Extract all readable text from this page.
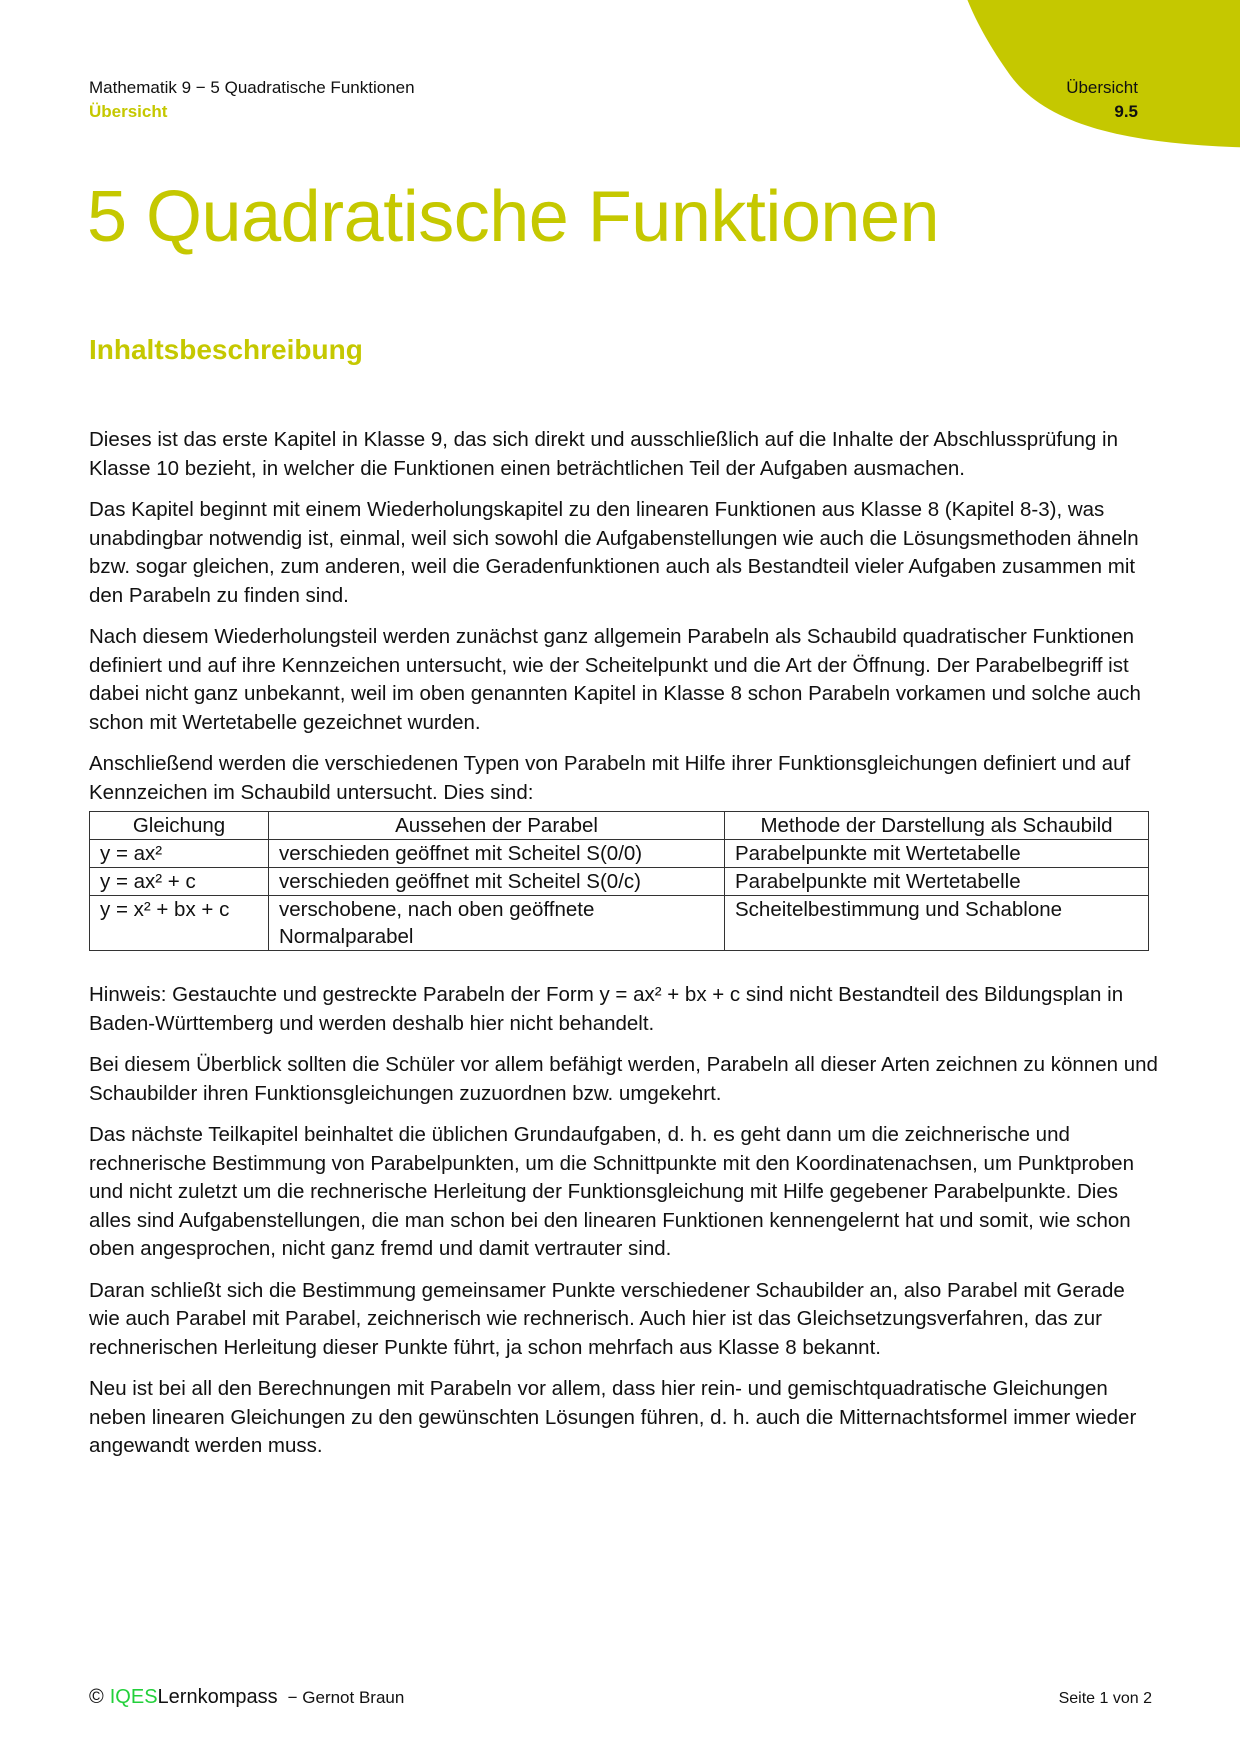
Mathematik 9 − 5 Quadratische Funktionen
Übersicht
Übersicht
9.5
5 Quadratische Funktionen
Inhaltsbeschreibung

Dieses ist das erste Kapitel in Klasse 9, das sich direkt und ausschließlich auf die Inhalte der Abschlussprüfung in Klasse 10 bezieht, in welcher die Funktionen einen beträchtlichen Teil der Aufgaben ausmachen.

Das Kapitel beginnt mit einem Wiederholungskapitel zu den linearen Funktionen aus Klasse 8 (Kapitel 8-3), was unabdingbar notwendig ist, einmal, weil sich sowohl die Aufgabenstellungen wie auch die Lösungsmethoden ähneln bzw. sogar gleichen, zum anderen, weil die Geradenfunktionen auch als Bestandteil vieler Aufgaben zusammen mit den Parabeln zu finden sind.

Nach diesem Wiederholungsteil werden zunächst ganz allgemein Parabeln als Schaubild quadratischer Funktionen definiert und auf ihre Kennzeichen untersucht, wie der Scheitelpunkt und die Art der Öffnung. Der Parabelbegriff ist dabei nicht ganz unbekannt, weil im oben genannten Kapitel in Klasse 8 schon Parabeln vorkamen und solche auch schon mit Wertetabelle gezeichnet wurden.

Anschließend werden die verschiedenen Typen von Parabeln mit Hilfe ihrer Funktionsgleichungen definiert und auf Kennzeichen im Schaubild untersucht. Dies sind:

Gleichung	Aussehen der Parabel	Methode der Darstellung als Schaubild
y = ax²	verschieden geöffnet mit Scheitel S(0/0)	Parabelpunkte mit Wertetabelle
y = ax² + c	verschieden geöffnet mit Scheitel S(0/c)	Parabelpunkte mit Wertetabelle
y = x² + bx + c	verschobene, nach oben geöffnete Normalparabel	Scheitelbestimmung und Schablone

Hinweis: Gestauchte und gestreckte Parabeln der Form y = ax² + bx + c sind nicht Bestandteil des Bildungsplan in Baden-Württemberg und werden deshalb hier nicht behandelt.

Bei diesem Überblick sollten die Schüler vor allem befähigt werden, Parabeln all dieser Arten zeichnen zu können und Schaubilder ihren Funktionsgleichungen zuzuordnen bzw. umgekehrt.

Das nächste Teilkapitel beinhaltet die üblichen Grundaufgaben, d. h. es geht dann um die zeichnerische und rechnerische Bestimmung von Parabelpunkten, um die Schnittpunkte mit den Koordinatenachsen, um Punktproben und nicht zuletzt um die rechnerische Herleitung der Funktionsgleichung mit Hilfe gegebener Parabelpunkte. Dies alles sind Aufgabenstellungen, die man schon bei den linearen Funktionen kennengelernt hat und somit, wie schon oben angesprochen, nicht ganz fremd und damit vertrauter sind.

Daran schließt sich die Bestimmung gemeinsamer Punkte verschiedener Schaubilder an, also Parabel mit Gerade wie auch Parabel mit Parabel, zeichnerisch wie rechnerisch. Auch hier ist das Gleichsetzungsverfahren, das zur rechnerischen Herleitung dieser Punkte führt, ja schon mehrfach aus Klasse 8 bekannt.

Neu ist bei all den Berechnungen mit Parabeln vor allem, dass hier rein- und gemischtquadratische Gleichungen neben linearen Gleichungen zu den gewünschten Lösungen führen, d. h. auch die Mitternachtsformel immer wieder angewandt werden muss.

© IQES Lernkompass − Gernot Braun	Seite 1 von 2
